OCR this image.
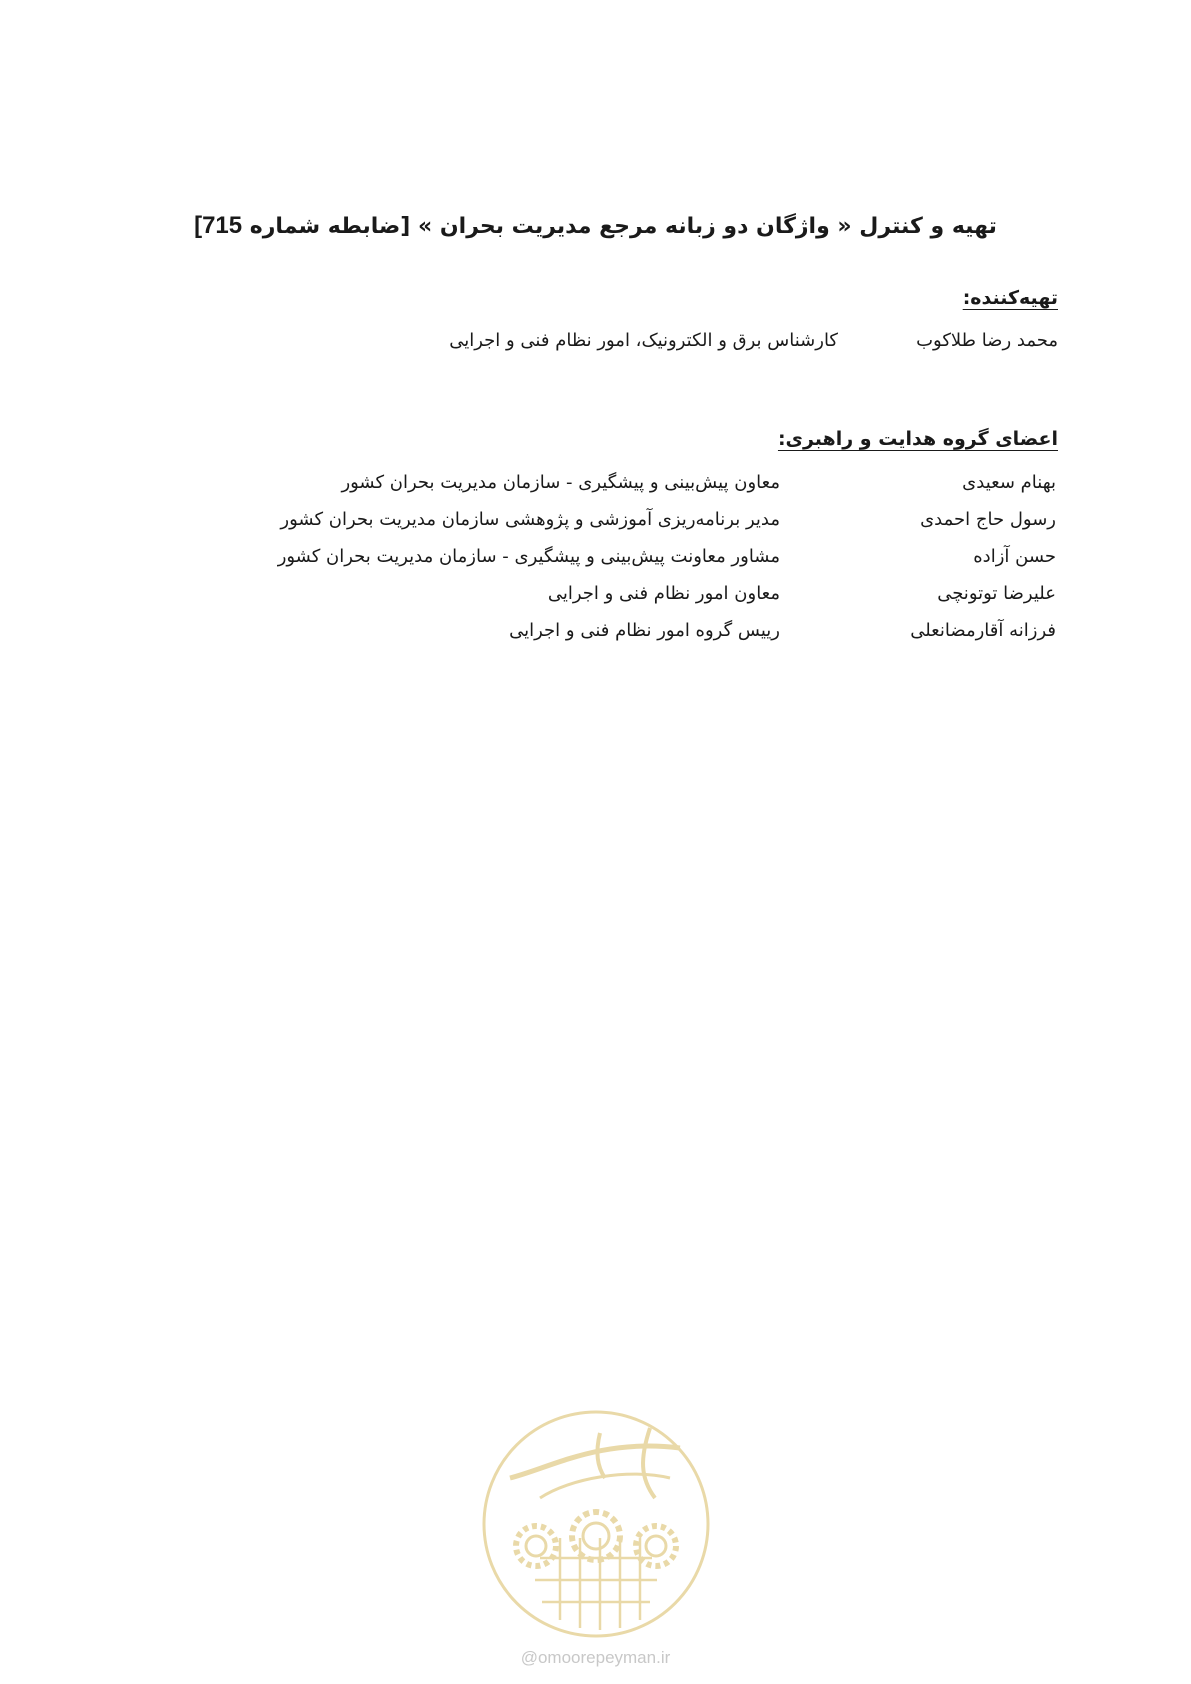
تهیه و کنترل « واژگان دو زبانه مرجع مدیریت بحران » [ضابطه شماره 715]
تهیه‌کننده:
محمد رضا طلاکوب
کارشناس برق و الکترونیک، امور نظام فنی و اجرایی
اعضای گروه هدایت و راهبری:
بهنام سعیدی
معاون پیش‌بینی و پیشگیری - سازمان مدیریت بحران کشور
رسول حاج احمدی
مدیر برنامه‌ریزی آموزشی و پژوهشی سازمان مدیریت بحران کشور
حسن آزاده
مشاور معاونت پیش‌بینی و پیشگیری - سازمان مدیریت بحران کشور
علیرضا توتونچی
معاون امور نظام فنی و اجرایی
فرزانه آقارمضانعلی
رییس گروه امور نظام فنی و اجرایی
@omoorepeyman.ir
